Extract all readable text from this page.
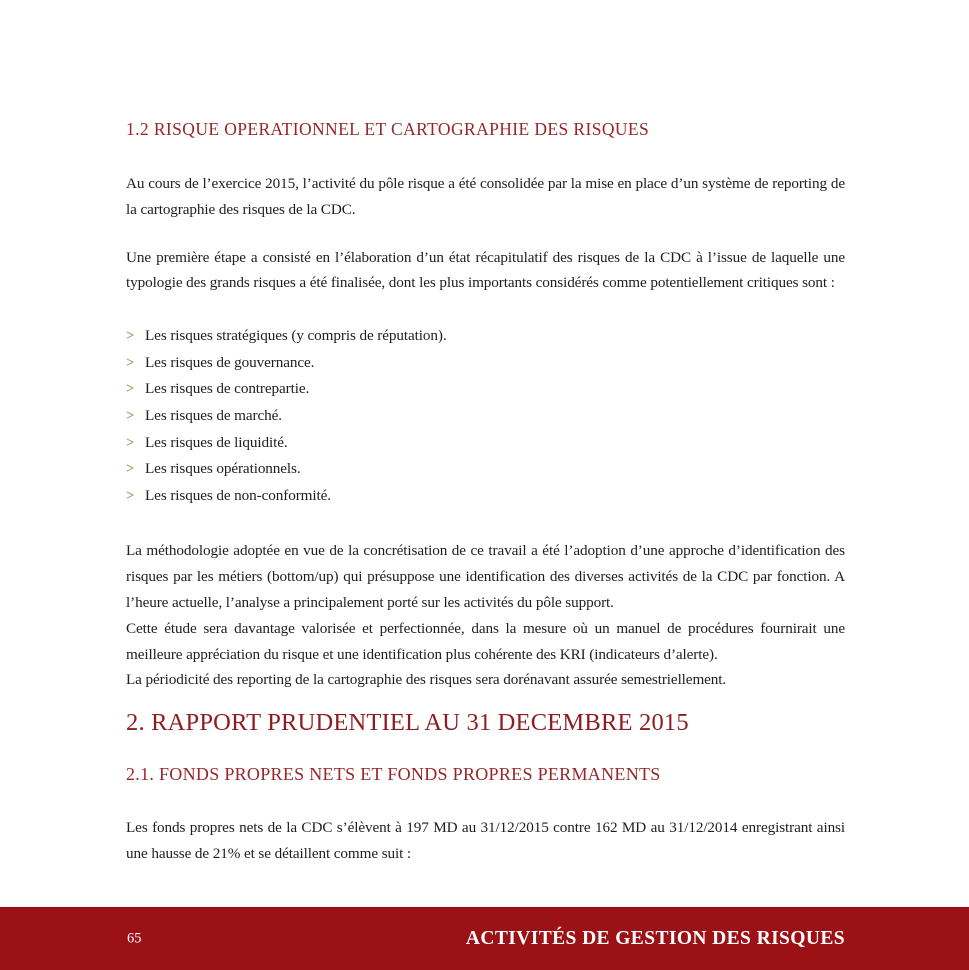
1.2 RISQUE OPERATIONNEL ET CARTOGRAPHIE DES RISQUES

Au cours de l’exercice 2015, l’activité du pôle risque a été consolidée par la mise en place d’un système de reporting de la cartographie des risques de la CDC.

Une première étape a consisté en l’élaboration d’un état récapitulatif des risques de la CDC à l’issue de laquelle une typologie des grands risques a été finalisée, dont les plus importants considérés comme potentiellement critiques sont :

> Les risques stratégiques (y compris de réputation).
> Les risques de gouvernance.
> Les risques de contrepartie.
> Les risques de marché.
> Les risques de liquidité.
> Les risques opérationnels.
> Les risques de non-conformité.

La méthodologie adoptée en vue de la concrétisation de ce travail a été l’adoption d’une approche d’identification des risques par les métiers (bottom/up) qui présuppose une identification des diverses activités de la CDC par fonction. A l’heure actuelle, l’analyse a principalement porté sur les activités du pôle support.

Cette étude sera davantage valorisée et perfectionnée, dans la mesure où un manuel de procédures fournirait une meilleure appréciation du risque et une identification plus cohérente des KRI (indicateurs d’alerte).

La périodicité des reporting de la cartographie des risques sera dorénavant assurée semestriellement.

2. RAPPORT PRUDENTIEL AU 31 DECEMBRE 2015
2.1. FONDS PROPRES NETS ET FONDS PROPRES PERMANENTS

Les fonds propres nets de la CDC s’élèvent à 197 MD au 31/12/2015 contre 162 MD au 31/12/2014 enregistrant ainsi une hausse de 21% et se détaillent comme suit :

65	ACTIVITÉS DE GESTION DES RISQUES
